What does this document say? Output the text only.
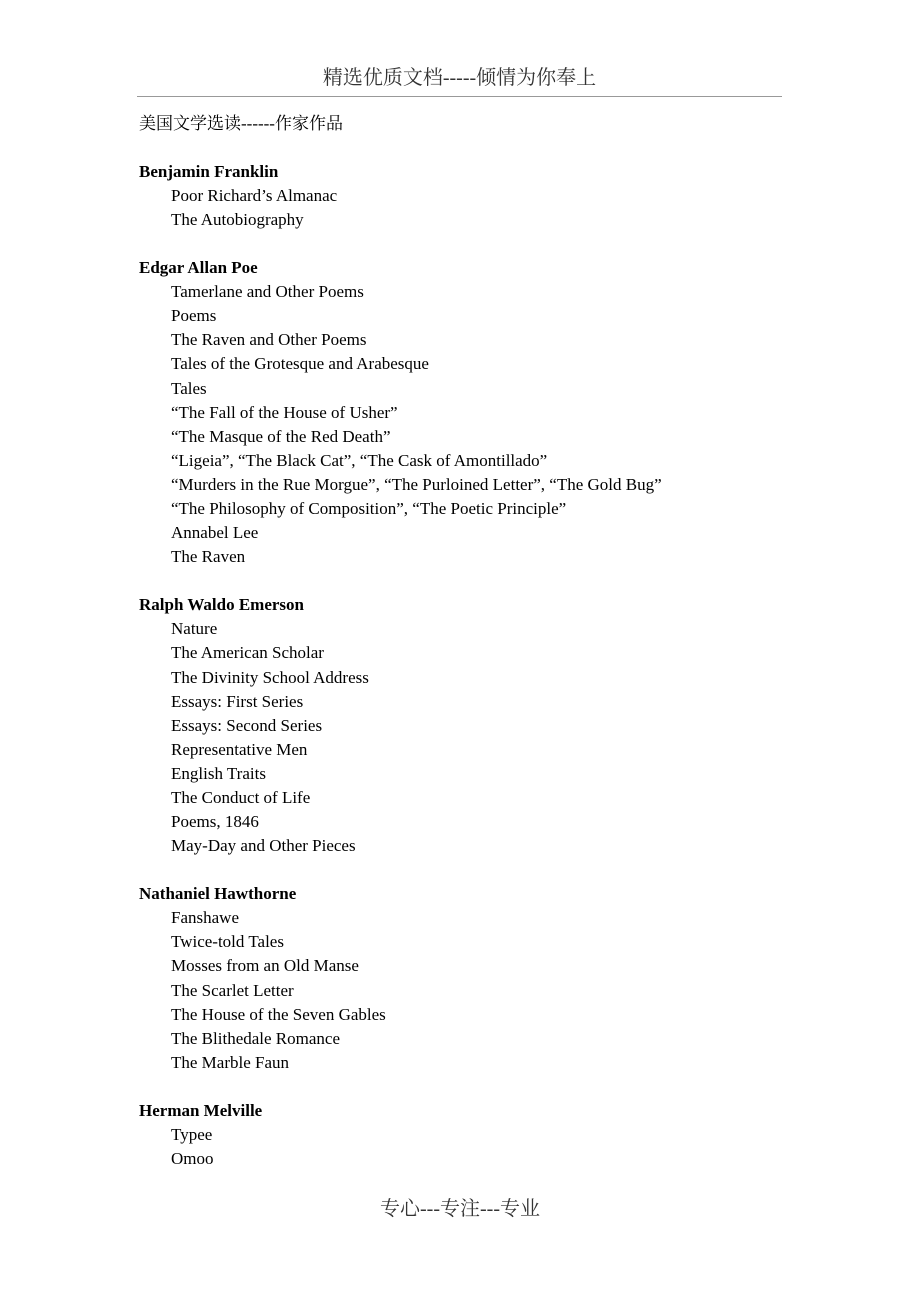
精选优质文档-----倾情为你奉上
美国文学选读------作家作品
Benjamin Franklin
Poor Richard’s Almanac
The Autobiography
Edgar Allan Poe
Tamerlane and Other Poems
Poems
The Raven and Other Poems
Tales of the Grotesque and Arabesque
Tales
“The Fall of the House of Usher”
“The Masque of the Red Death”
“Ligeia”, “The Black Cat”, “The Cask of Amontillado”
“Murders in the Rue Morgue”, “The Purloined Letter”, “The Gold Bug”
“The Philosophy of Composition”, “The Poetic Principle”
Annabel Lee
The Raven
Ralph Waldo Emerson
Nature
The American Scholar
The Divinity School Address
Essays: First Series
Essays: Second Series
Representative Men
English Traits
The Conduct of Life
Poems, 1846
May-Day and Other Pieces
Nathaniel Hawthorne
Fanshawe
Twice-told Tales
Mosses from an Old Manse
The Scarlet Letter
The House of the Seven Gables
The Blithedale Romance
The Marble Faun
Herman Melville
Typee
Omoo
专心---专注---专业
